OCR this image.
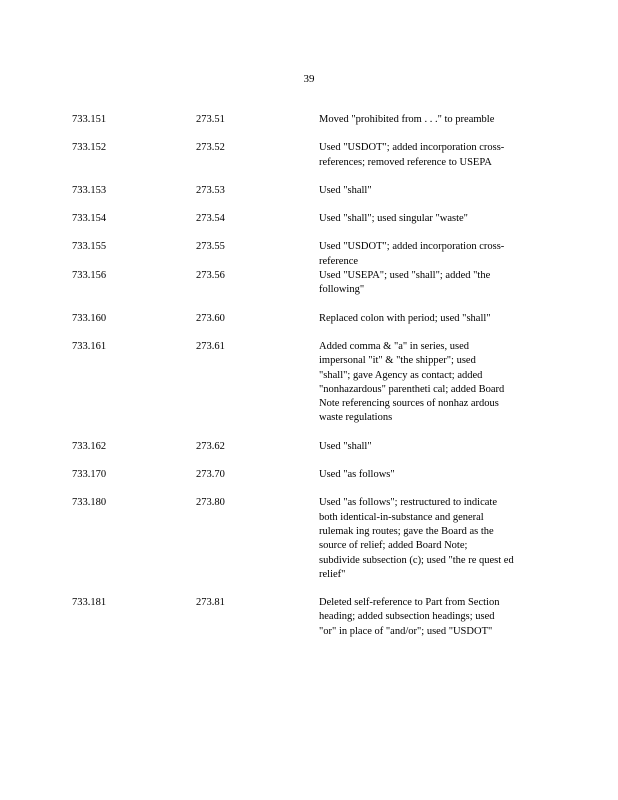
39
733.151	273.51	Moved "prohibited from . . ." to preamble
733.152	273.52	Used "USDOT"; added incorporation cross-
references; removed reference to USEPA
733.153	273.53	Used "shall"
733.154	273.54	Used "shall"; used singular "waste"
733.155	273.55	Used "USDOT"; added incorporation cross-
reference
733.156	273.56	Used "USEPA"; used "shall"; added "the
following"
733.160	273.60	Replaced colon with period; used "shall"
733.161	273.61	Added comma & "a" in series, used
impersonal "it" & "the shipper"; used
"shall"; gave Agency as contact; added
"nonhazardous" parentheti cal; added Board
Note referencing sources of nonhaz ardous
waste regulations
733.162	273.62	Used "shall"
733.170	273.70	Used "as follows"
733.180	273.80	Used "as follows"; restructured to indicate
both identical-in-substance and general
rulemak ing routes; gave the Board as the
source of relief; added Board Note;
subdivide subsection (c); used "the re quest ed
relief"
733.181	273.81	Deleted self-reference to Part from Section
heading; added subsection headings; used
"or" in place of "and/or"; used "USDOT"
